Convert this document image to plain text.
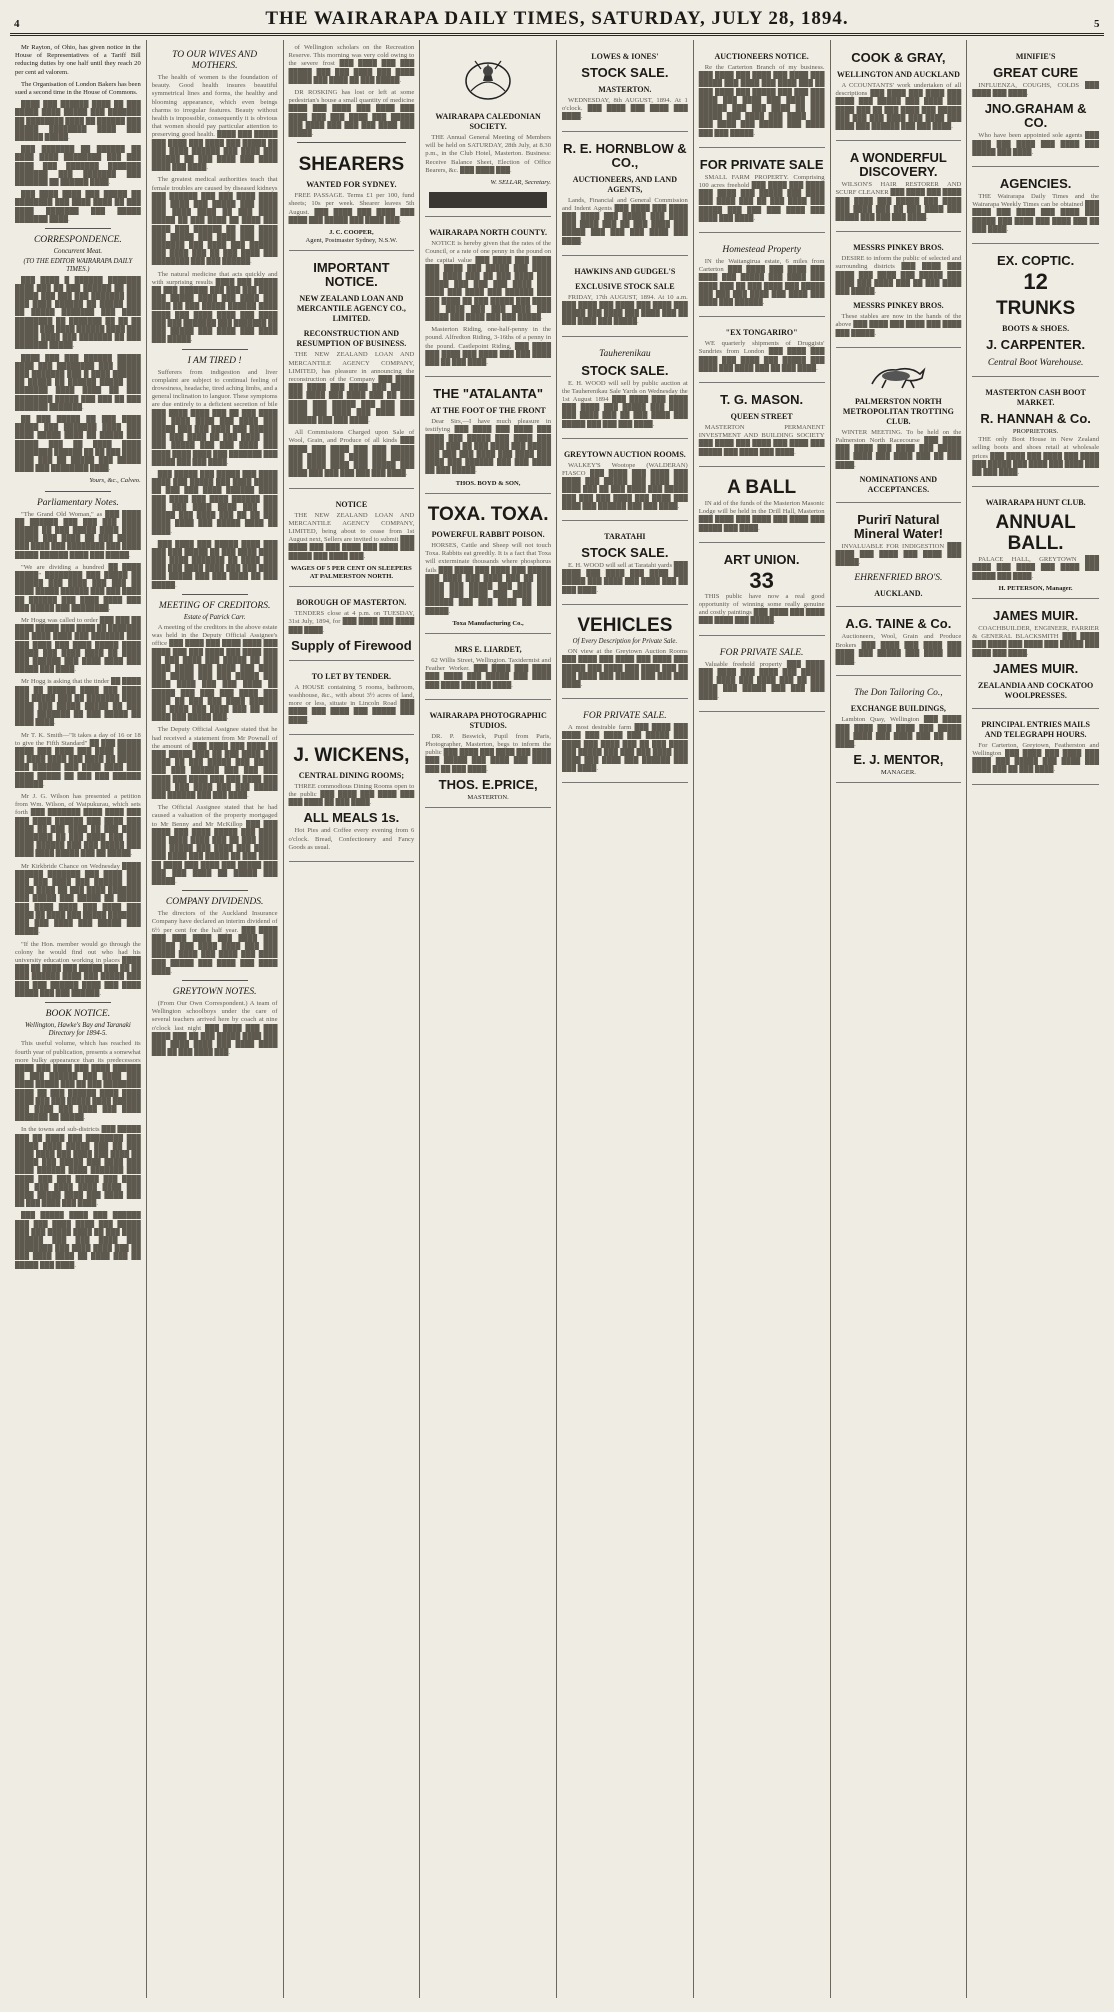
4	THE WAIRARAPA DAILY TIMES, SATURDAY, JULY 28, 1894.	5

Mr Rayton, of Ohio, has given notice in the House of Representatives of a Tariff Bill reducing duties by one half until they reach 20 per cent ad valorem.

The Organisation of London Bakers has been sued a second time in the House of Commons.

████ ███ ██████ ████ ██ ███ █████ ████ █████ ███ ███████ ██ ████████ ████ ██ ██████ ███ █████ ████████ ████ ███ ██████ █████.

███ ███████ ██ ██████ ██ ████ ████ ████████ ███ ███ ████ ███ ███████ ███████ ███████ ███ ███████ ███ ███████ ██ ██████ ████.

███ ████ ████ ███ █████ ██ ████████ ███ ████ ████ ██ ███ ████ ███████ ███ █████ ███████ ████.

CORRESPONDENCE.
Concurrent Meat.
(TO THE EDITOR WAIRARAPA DAILY TIMES.)

███ ████ █ ██████ ███████ ████ ███ ██ ███ ██████ ██ ███ █████ ███ ███ ███ ███████ ███ ███ ████ ██████ ██ █████ ███ ██ █████ ███████ ███ ████ ████████ ██ ███████ ██ ██ ██ █████ ███ ████ ██████ ████ ███ █████ ████ ███ ███████ ██ ███ ███████ █████.

████ ███ ███ ██████ █████ ████ ███ ████████ ███ █████ ███ ███████ ███ █ ████ ██████ ██ █████ ██ ██████ █████ ███ ███████ ████ ████ ██ ███ ████████ █████ ███ ███ ██ ███ ███████ ███████.

██ ███ █████ ██ ███ ████ █████ ███ ███████ ████ ███ ████ █████ ████ ██ █████ ███ █████ ███ ██ ████ ████ ████████ ██████ ██ ██ ███ ████ ████ ███ ██ █████ ███ █████ ████ ███ ████████ ████.

Yours, &c., Calveo.
Parliamentary Notes.

"The Grand Old Woman," as ███ ████ ██ ██████ ███ ███ ███ ████ █████ ██ ███ █████ ████ ████ █████ ███ ████ ██ ███ █████ ███ ████ ███ ████████ ███ ████ █████ ██████ ████ ███ █████.

"We are dividing a hundred ██ ████ █████" ████████ ███ █████ ██ ██████ ███ ████ ███ ███ ██ ████ █████ ██████ ███ ███ ████ ██ ██████ ███ ████ ████ ███ ███ █████ ███ ████████.

Mr Hogg was called to order ███ ███ ██ ████ █████ ███ ████ ██ ███████ ███ ████ ████ ███ ███████ ███ ███ ████ ███ ████ █████ ████ █████ ███ ████ ████ ██ ████ ███ ██████ ███ ████ ████ ███ █████ ███ ████.

Mr Hogg is asking that the tinder ██ ████ ███ ██ ██████ ████ ███ ████ ███ █████ ███ ██ ███████ ████ ████ ███ █████ █████ ██ ███ ████ ███████ ██ ███ █████ ██ ████ ████.

Mr T. K. Smith—"It takes a day of 16 or 18 to give the Fifth Standard" ██ ███ █████ ████ ███ ████ ███ ████ █████ ██ ████ ████ ███ ████ ██ █████ ███ ██████ ███ ████ ████ ███ ████ █████ ██ ███ ███ ██████ ██████.

Mr J. G. Wilson has presented a petition from Wm. Wilson, of Waipukurau, which sets forth ███ ███████ ████ ████ ███ ███ ████ ██████ ███ ████ ███ ████ ██ ███ ████ ██ ███ ████ ████████ ██ ███ ████ ███ ███ ████ ██████ ███ ███ █████ ███ ████ ████ █████ ███ ██ █████.

Mr Kirkbride Chance on Wednesday ████ ██████ ███████ ███ ████ ███ ███ ███ ████ ███ ██████ ███ ████ ████ ██ ███ ████ ███████ ███ █████ ███ █████ ██ █████ ███ ████ ████ ███ ████ ███ ████ ██ ████ ███ █████ ███████ ███ ███ ████ ███ █████ ███ █████.

"If the Hon. member would go through the colony he would find out who had his university education working in places ████ ███ ██ ████ ███ █████ ███ ██ ██ ███ ██████ ████ ███ █████ ███ ███ ███ ██████ ████ ███ ████ █████ ███ ███ ██████.

BOOK NOTICE.
Wellington, Hawke's Bay and Taranaki Directory for 1894-5.

This useful volume, which has reached its fourth year of publication, presents a somewhat more bulky appearance than its predecessors ████ ███ ████ ███ ████ ██████ ██ ███ ██████ ███ ████ ███ ████ █████ ███ ██ ███ ████████ ████ ██ ███ ██████ ████ ████ ████ ███ ███ █████ ████ ██████ ███ ████ ███ ████ ███ ████ ███████ ██ █████.

In the towns and sub-districts ███ █████ ███ ██ ████ ███ ████████ ███ █████ ████ █████ ███ ██ ███ ████ ████ ███ ████ ███ ████ ██ █████ ███ █████ ███ ████ ███ ████ ██████ ████ ███████ ███ ████ ███ ███ █████ ███ ████ ███ ███ ████ ████ ████ ███ ████ █████ ████ ███ ████ ███ ██ ███ ████ ███ ████.

███ █████ ████ ███ ██████ ███ ███ ████ ████ ███ █████ ███ ███ █████ ████ ██ ███ ████ ██████ ███ ███ ████ ███ ████████ ███ ████ ████ ███ ██ ███ ████ ████ ██ ████ ███ ██ █████ ███ ████.

TO OUR WIVES AND MOTHERS.

The health of women is the foundation of beauty. Good health insures beautiful symmetrical lines and forms, the healthy and blooming appearance, which even beings charms to irregular features. Beauty without health is impossible, consequently it is obvious that women should pay particular attention to preserving good health. ████ ███ █████ ███ ████ ███ ████ ███ █████ ██ ███ ████ ██████ ███ ████ ███ ██████ ██ ███ ████ ███ ████ ████ ███ ████.

The greatest medical authorities teach that female troubles are caused by diseased kidneys ███ ██████ ███ ███ ████ ████ ███ ████ ███ █████ ███ ████ ███ ████ ████ ██ ███ ████ █████ ██ ███ ████ ██ ████ ███ ████ ███ ██████ ██ ███ ████ ███ █████ ███ ████ ███ ████ ███████ ███ ████ ███ ██████ ███ ████ ███ ██ ███ ████ ███ ████████ ███ ███ ██████.

The natural medicine that acts quickly and with surprising results ████ ███ █████ ██ ███ ██████ ███ ███ ███ ████ ███ █████ ████ ███ ████ ███ ████ ██ ███ █████ ██████ ████ ████ ███ ████ ████ ███ ████ ███ ███ ███████ ███ ███████ ██ ███ █████ ███ ████ ███ ████ ███ █████.

I AM TIRED !

Sufferers from indigestion and liver complaint are subject to continual feeling of drowsiness, headache, tired aching limbs, and a general inclination to languor. These symptoms are due entirely to a deficient secretion of bile ███ ████ ████ ███ ██ ███ ████ ███ ████ ████ ███ ████ ███ █████ ███ ███ ████ ███ ██████ ███ ███ ████ ██ ███ ████ ███ ███ █████ ███ ███ ████ ███ ████ ████ ████ ███ ███████ ███ █████ ███ ███ ████.

███ █████ ███ █████ ███ ████ ████ ███ █████ ███ ████ █████ ██ ███ ███ ████ ██████ ████ ███ ████ ███ ████ ██████ ███ ███ ███ ████ ████ ███ ███ █████ ███ ████ ███ ██ ██ ███ ████ ████ ███ █████ ████ ██ ████.

███ ████ ███ █████ ████ ███ ███ ███ █████ ██ ███ ████ ████ ███ ████ ███████ ██ ████ ███ ███ ███ ████ ████ ███ ███ ████ ███ █████ ███ ███ ████ ██ ███ █████.

MEETING OF CREDITORS.
Estate of Patrick Carr.

A meeting of the creditors in the above estate was held in the Deputy Official Assignee's office ███ ████ ███ ████ ████ ███ ████ ███ ███ ████ ███ ████ ███ ██ ███ ████ ███ █████ ██ ███ ████ ████ ███ ████ ███ ████ ███ █████ ███ ███ █████ ███ ████ ████ ███ ███ ████ ██ █████ ███ ███ ███ ████ ███ ████ ██ ███ ███ ████ ██████ ███ ████ ███ ████ ███ ██ ███ ████ ███ █████ ███.

The Deputy Official Assignee stated that he had received a statement from Mr Pownall of the amount of ███ ████ ███ ████ ██ ███ █████ ███ ██ ███ ████ ███ ████ ██ ███ █████ ███ █████ ███ ███ ██████ ███ ███ ███ ████ ███ ████ ███ ███ ████ ███ ████ ███ ████ ███ ███ █████ ███ ██████ ███ ███ ████.

The Official Assignee stated that he had caused a valuation of the property mortgaged to Mr Benny and Mr McKillop ███ ███ ████ ███ ████ █████ ███ ████ ███ ████ ████ ███ ██ ███ ████ ███ █████ ███ ████ ███ █████ ███ ████ ███ █████ ██ ███ ████ ██ ████ ███ ████ ███ █████ ███ ███ ███ ████ ██ █████ ███ █████.

COMPANY DIVIDENDS.

The directors of the Auckland Insurance Company have declared an interim dividend of 6½ per cent for the half year. ███ ████ ███ ███ ████ ███ ████ ███ █████ ███ ████ ████ ███ ███ █████ ████ ███ ████ ███ ████ ███ █████ ███ ████ ███ ████ ████.

GREYTOWN NOTES.

(From Our Own Correspondent.) A team of Wellington schoolboys under the care of several teachers arrived here by coach at nine o'clock last night ███ ████ ███ ███ ████ ███ ██ ███ █████ ████ ███ ███ ████ ████ ███ ████ ████ ███ ██ ███ ████ ███.

of Wellington scholars on the Recreation Reserve. This morning was very cold owing to the severe frost ███ ████ ███ ███ █████ ███ ███ ████ ███ ████ █████ ███ ████ ██ ███ █████.

DR ROSKING has lost or left at some pedestrian's house a small quantity of medicine ████ ███ ████ ███ ████ ███ ████ ███ ███ ████ ███ █████ ███ ████ ███ ███ ███ ████ ███ █████.

SHEARERS
WANTED FOR SYDNEY.

FREE PASSAGE. Terms £1 per 100, fund sheets; 10s per week. Shearer leaves 5th August. ███ ████ ███ ████ ███ ████ ███ █████ ███ ████ ███.

J. C. COOPER,
Agent, Postmaster Sydney, N.S.W.
IMPORTANT NOTICE.
NEW ZEALAND LOAN AND MERCANTILE AGENCY CO., LIMITED.
RECONSTRUCTION AND RESUMPTION OF BUSINESS.

THE NEW ZEALAND LOAN AND MERCANTILE AGENCY COMPANY, LIMITED, has pleasure in announcing the reconstruction of the Company ███ ████ ███ ████ ███ ████ ███ █████ ███ ████ ███ ████ ███ ██ ███ ████ ███ █████ ███ ███ ███ ████ ███ ████ ███ ████ ███ ██████ ███ ███ ████.

All Commissions Charged upon Sale of Wool, Grain, and Produce of all kinds ███ ████ ███ ████ ███ ███ █████ ███ ████ ███ ████ ███ █████ ███ ████ ████ ███ █████ ███ ████ ███ ███ ███ ███ ███ ████.

NOTICE

THE NEW ZEALAND LOAN AND MERCANTILE AGENCY COMPANY, LIMITED, being about to cease from 1st August next, Sellers are invited to submit ███ ████ ███ ███ ████ ███ ████ ███ █████ ███ ████ ███.

WAGES OF 5 PER CENT ON SLEEPERS AT PALMERSTON NORTH.
BOROUGH OF MASTERTON.

TENDERS close at 4 p.m. on TUESDAY, 31st July, 1894, for ███ ████ ███ ████ ███ ████.

Supply of Firewood
TO LET BY TENDER.

A HOUSE containing 5 rooms, bathroom, washhouse, &c., with about 3½ acres of land, more or less, situate in Lincoln Road ███ ████ ███ ████ ███ █████ ███ ████.

J. WICKENS,
CENTRAL DINING ROOMS;

THREE commodious Dining Rooms open to the public ███ ████ ███ ████ ███ ███ ████ ██ ███ ████.

ALL MEALS 1s.

Hot Pies and Coffee every evening from 6 o'clock. Bread, Confectionery and Fancy Goods as usual.

WAIRARAPA CALEDONIAN SOCIETY.

THE Annual General Meeting of Members will be held on SATURDAY, 28th July, at 8.30 p.m., in the Club Hotel, Masterton. Business: Receive Balance Sheet, Election of Office Bearers, &c. ███ ████ ███.

W. SELLAR, Secretary.
WAIRARAPA NORTH COUNTY.

NOTICE is hereby given that the rates of the Council, or a rate of one penny in the pound on the capital value ███ ████ ███ ████ ███ ████ ███ █████ ███ ████ ███ ████ ███ ██ ███ ████ ███ █████ ███ ███ ███ ████ ███ ████ ███ ████ ███ ██████ ███ ███ ████ ██ ███ █████ ███ ████ ███ ████ ███ ███ ████ ███ █████ ███ ████ ███ ███ █████.

Masterton Riding, one-half-penny in the pound. Alfredton Riding, 3-16ths of a penny in the pound. Castlepoint Riding, ███ ████ ███ ████ ███ ████ ███ ███ ████ ███ ██ ███ ████.

THE "ATALANTA"
AT THE FOOT OF THE FRONT

Dear Sirs,—I have much pleasure in testifying ███ ████ ███ ████ ███ ████ ███ █████ ███ ████ ███ ████ ███ ██ ███ ████ ███ █████ ███ ███ ███ ████ ███ ████ ███ ████ ███ ██████ ███ ███ ████ ██ ███ █████.

THOS. BOYD & SON,
TOXA. TOXA.
POWERFUL RABBIT POISON.

HORSES, Cattle and Sheep will not touch Toxa. Rabbits eat greedily. It is a fact that Toxa will exterminate thousands where phosphorus fails ███ ████ ███ ████ ███ █████ ███ ████ ███ ████ ███ ██ ███ ████ ███ █████ ███ ███ ███ ████ ███ ████ ███ ████ ███ ██████ ███ ███ ████ ██ ███ █████.

Toxa Manufacturing Co.,
MRS E. LIARDET,

62 Willis Street, Wellington. Taxidermist and Feather Worker. ███ ████ ███ ████ ███ ████ ███ █████ ███ ████ ███ ████ ███ ███ ████.

WAIRARAPA PHOTOGRAPHIC STUDIOS.

DR. P. Beswick, Pupil from Paris, Photographer, Masterton, begs to inform the public ███ ████ ███ ████ ███ ████ ███ █████ ███ ████ ███ ████ ███ ██ ███ ████.

THOS. E.PRICE,
MASTERTON.
LOWES & IONES'
STOCK SALE.
MASTERTON.

WEDNESDAY, 8th AUGUST, 1894. At 1 o'clock. ███ ████ ███ ████ ███ ████.

R. E. HORNBLOW & CO.,
AUCTIONEERS, AND LAND AGENTS,

Lands, Financial and General Commission and Indent Agents ███ ████ ███ ████ ███ ████ ███ █████ ███ ████ ███ ████ ███ ██ ███ ████ ███ █████ ███ ███ ███ ████ ███ ████.

HAWKINS AND GUDGEL'S
EXCLUSIVE STOCK SALE

FRIDAY, 17th AUGUST, 1894. At 10 a.m. ███ ████ ███ ████ ███ ████ ███ █████ ███ ████ ███ ████ ███ ██ ███ ████ ███ █████.

Tauherenikau
STOCK SALE.

E. H. WOOD will sell by public auction at the Tauherenikau Sale Yards on Wednesday the 1st August 1894 ███ ████ ███ ████ ███ ████ ███ █████ ███ ████ ███ ████ ███ ██ ███ ████ ███ █████ ███ ███ ███ ████.

GREYTOWN AUCTION ROOMS.

WALKEY'S Wootope (WALDERAN) FIASCO ███ ████ ███ ████ ███ ████ ███ █████ ███ ████ ███ ████ ███ ██ ███ ████ ███ █████ ███ ███ ███ ████ ███ ████ ███ ████ ███ ██████ ███ ███ ████.

TARATAHI
STOCK SALE.

E. H. WOOD will sell at Taratahi yards ███ ████ ███ ████ ███ ████ ███ █████ ███ ████ ███ ████ ███ ██ ███ ████.

VEHICLES
Of Every Description for Private Sale.

ON view at the Greytown Auction Rooms ███ ████ ███ ████ ███ ████ ███ █████ ███ ████ ███ ████ ███ ██ ███ ████ ███ █████ ███ ███ ███ ████.

FOR PRIVATE SALE.

A most desirable farm ███ ████ ███ ████ ███ ████ ███ █████ ███ ████ ███ ████ ███ ██ ███ ████ ███ █████ ███ ███ ███ ████ ███ ████ ███ ████ ███ ██████ ███ ███ ████.

AUCTIONEERS NOTICE.

Re the Carterton Branch of my business. ███ ████ ███ ████ ███ ████ ███ █████ ███ ████ ███ ████ ███ ██ ███ ████ ███ █████ ███ ███ ███ ████ ███ ████ ███ ████ ███ ██████ ███ ███ ████ ██ ███ █████ ███ ████ ███ ████ ███ ███ ████ ███ █████ ███ ████ ███ ███ █████.

FOR PRIVATE SALE

SMALL FARM PROPERTY. Comprising 100 acres freehold ███ ████ ███ ████ ███ ████ ███ █████ ███ ████ ███ ████ ███ ██ ███ ████ ███ █████ ███ ███ ███ ████ ███ ████ ███ ████.

Homestead Property

IN the Waitangirua estate, 6 miles from Carterton ███ ████ ███ ████ ███ ████ ███ █████ ███ ████ ███ ████ ███ ██ ███ ████ ███ █████ ███ ███ ███ ████ ███ ████ ███ ████ ███ ██████.

"EX TONGARIRO"

WE quarterly shipments of Druggists' Sundries from London ███ ████ ███ ████ ███ ████ ███ █████ ███ ████ ███ ████ ███ ██ ███ ████.

T. G. MASON.
QUEEN STREET

MASTERTON PERMANENT INVESTMENT AND BUILDING SOCIETY ███ ████ ███ ████ ███ ████ ███ █████ ███ ████ ███ ████.

A BALL

IN aid of the funds of the Masterton Masonic Lodge will be held in the Drill Hall, Masterton ███ ████ ███ ████ ███ ████ ███ █████ ███ ████.

ART UNION.
33

THIS public have now a real good opportunity of winning some really genuine and costly paintings ███ ████ ███ ████ ███ ████ ███ █████.

FOR PRIVATE SALE.

Valuable freehold property ███ ████ ███ ████ ███ ████ ███ █████ ███ ████ ███ ████ ███ ██ ███ ████ ███ █████ ███ ███ ███ ████.

COOK & GRAY,
WELLINGTON AND AUCKLAND

A CCOUNTANTS' work undertaken of all descriptions ███ ████ ███ ████ ███ ████ ███ █████ ███ ████ ███ ████ ███ ██ ███ ████ ███ █████ ███ ███ ███ ████ ███ ████ ███ ████ ███ ██████ ███ ███ ████.

A WONDERFUL DISCOVERY.

WILSON'S HAIR RESTORER AND SCURF CLEANER ███ ████ ███ ████ ███ ████ ███ █████ ███ ████ ███ ████ ███ ██ ███ ████ ███ █████ ███ ███ ███ ████.

MESSRS PINKEY BROS.

DESIRE to inform the public of selected and surrounding districts ███ ████ ███ ████ ███ ████ ███ █████ ███ ████ ███ ████ ███ ██ ███ ████ ███ █████.

MESSRS PINKEY BROS.

These stables are now in the hands of the above ███ ████ ███ ████ ███ ████ ███ █████.

PALMERSTON NORTH METROPOLITAN TROTTING CLUB.

WINTER MEETING. To be held on the Palmerston North Racecourse ███ ████ ███ ████ ███ ████ ███ █████ ███ ████ ███ ████ ███ ██ ███ ████.

NOMINATIONS AND ACCEPTANCES.
Purirī Natural Mineral Water!

INVALUABLE FOR INDIGESTION ███ ████ ███ ████ ███ ████ ███ █████.

EHRENFRIED BRO'S.
AUCKLAND.
A.G. TAINE & Co.

Auctioneers, Wool, Grain and Produce Brokers ███ ████ ███ ████ ███ ████ ███ █████ ███ ████ ███ ████.

The Don Tailoring Co.,
EXCHANGE BUILDINGS,

Lambton Quay, Wellington ███ ████ ███ ████ ███ ████ ███ █████ ███ ████ ███ ████ ███ ██ ███ ████.

E. J. MENTOR,
MANAGER.
MINIFIE'S
GREAT CURE

INFLUENZA, COUGHS, COLDS ███ ████ ███ ████.

JNO.GRAHAM & CO.

Who have been appointed sole agents ███ ████ ███ ████ ███ ████ ███ █████ ███ ████.

AGENCIES.

THE Wairarapa Daily Times and the Wairarapa Weekly Times can be obtained ███ ████ ███ ████ ███ ████ ███ █████ ███ ████ ███ ████ ███ ██ ███ ████.

EX. COPTIC.
12
TRUNKS
BOOTS & SHOES.
J. CARPENTER.
Central Boot Warehouse.
MASTERTON CASH BOOT MARKET.
R. HANNAH & Co.
PROPRIETORS.

THE only Boot House in New Zealand selling boots and shoes retail at wholesale prices ███ ████ ███ ████ ███ ████ ███ █████ ███ ████ ███ ████ ███ ██ ███ ████.

WAIRARAPA HUNT CLUB.
ANNUAL BALL.

PALACE HALL, GREYTOWN ███ ████ ███ ████ ███ ████ ███ █████ ███ ████.

H. PETERSON, Manager.
JAMES MUIR.

COACHBUILDER, ENGINEER, FARRIER & GENERAL BLACKSMITH ███ ████ ███ ████ ███ ████ ███ █████ ███ ████ ███ ████.

JAMES MUIR.
ZEALANDIA AND COCKATOO WOOLPRESSES.
PRINCIPAL ENTRIES MAILS AND TELEGRAPH HOURS.

For Carterton, Greytown, Featherston and Wellington ███ ████ ███ ████ ███ ████ ███ █████ ███ ████ ███ ████ ███ ██ ███ ████.
